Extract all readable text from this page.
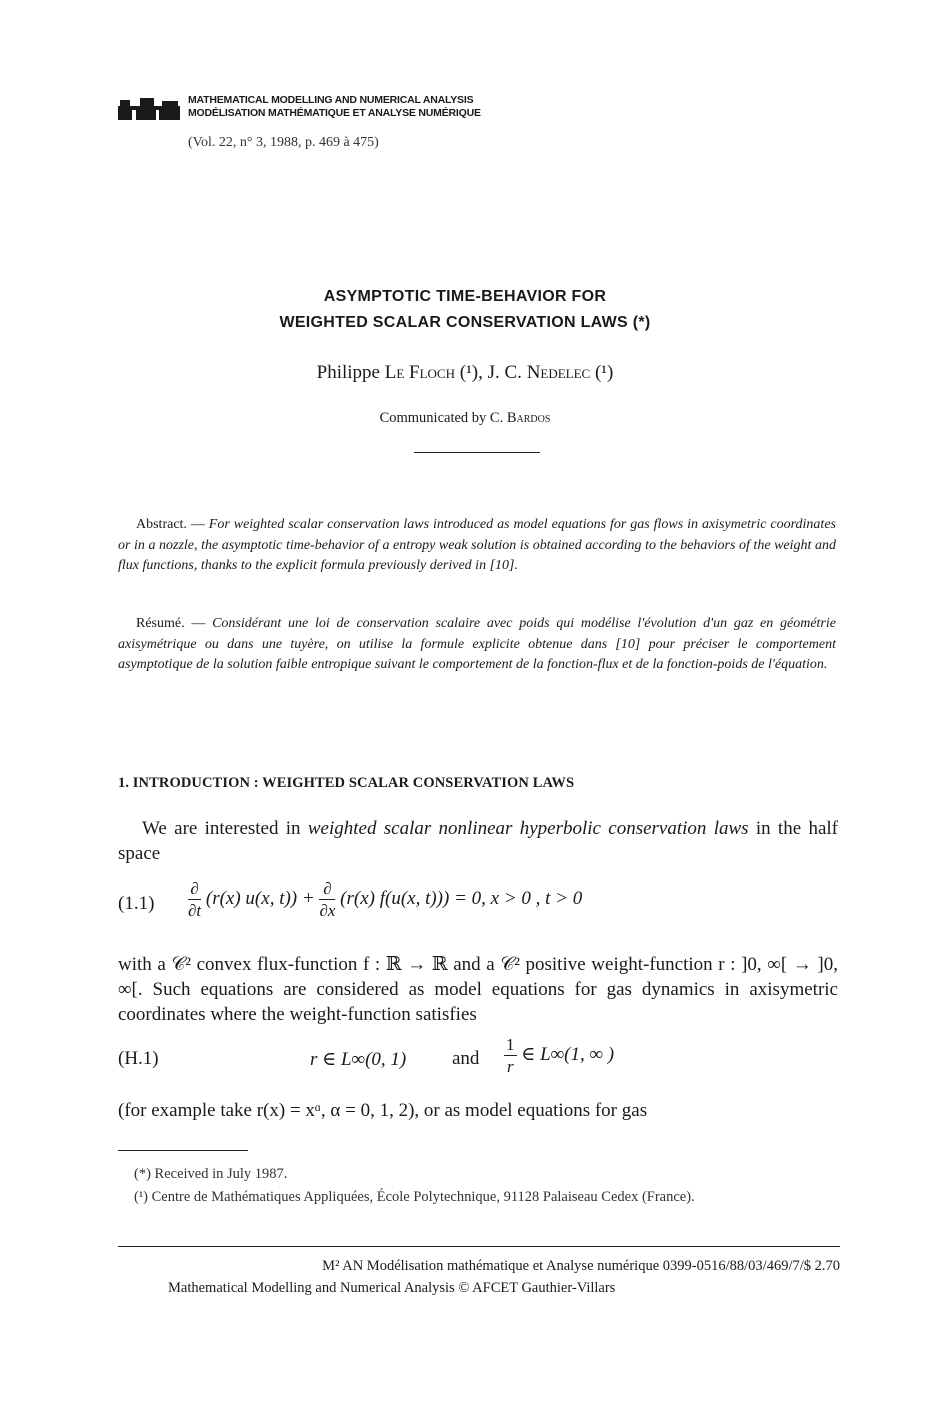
MATHEMATICAL MODELLING AND NUMERICAL ANALYSIS
MODÉLISATION MATHÉMATIQUE ET ANALYSE NUMÉRIQUE
(Vol. 22, n° 3, 1988, p. 469 à 475)
ASYMPTOTIC TIME-BEHAVIOR FOR
WEIGHTED SCALAR CONSERVATION LAWS (*)
Philippe Le Floch (¹), J. C. Nedelec (¹)
Communicated by C. Bardos
Abstract. — For weighted scalar conservation laws introduced as model equations for gas flows in axisymetric coordinates or in a nozzle, the asymptotic time-behavior of a entropy weak solution is obtained according to the behaviors of the weight and flux functions, thanks to the explicit formula previously derived in [10].
Résumé. — Considérant une loi de conservation scalaire avec poids qui modélise l'évolution d'un gaz en géométrie axisymétrique ou dans une tuyère, on utilise la formule explicite obtenue dans [10] pour préciser le comportement asymptotique de la solution faible entropique suivant le comportement de la fonction-flux et de la fonction-poids de l'équation.
1. INTRODUCTION : WEIGHTED SCALAR CONSERVATION LAWS
We are interested in weighted scalar nonlinear hyperbolic conservation laws in the half space
$(1.1) \frac{\partial}{\partial t} (r(x)$ u(x, $t)) + \frac{\partial}{\partial x} (r(x)$ f(u(x, t))) = 0, x > 0 , t > 0
with a 𝒞² convex flux-function f : ℝ → ℝ and a 𝒞² positive weight-function r : ]0, ∞[ → ]0, ∞[. Such equations are considered as model equations for gas dynamics in axisymetric coordinates where the weight-function satisfies
(H.1)	r ∈ L∞(0, 1) and $\frac{1}{r}$ ∈ L∞(1, ∞ )
(for example take r(x) = xᵅ, α = 0, 1, 2), or as model equations for gas
(*) Received in July 1987.
(¹) Centre de Mathématiques Appliquées, École Polytechnique, 91128 Palaiseau Cedex (France).
M² AN Modélisation mathématique et Analyse numérique 0399-0516/88/03/469/7/$ 2.70
Mathematical Modelling and Numerical Analysis © AFCET Gauthier-Villars
